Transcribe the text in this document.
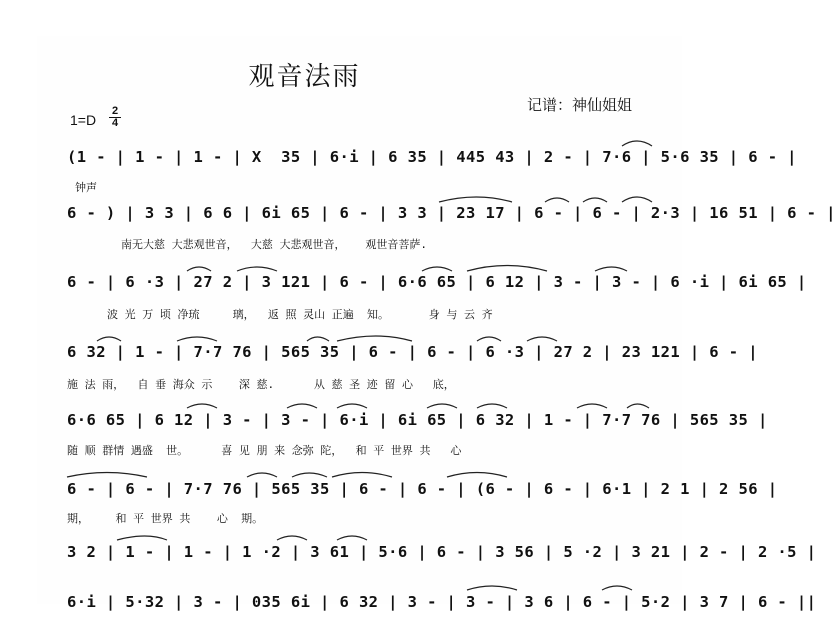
观音法雨
记谱：神仙姐姐
$1=D \frac{2}{4}$
(1 - | 1 - | 1 - | X  35 | 6·i | 6 35 | 445 43 | 2 - | 7·6 | 5·6 35 | 6 - |
钟声
6 - ) | 3 3 | 6 6 | 6i 65 | 6 - | 3 3 | 23 17 | 6 - | 6 - | 2·3 | 16 51 | 6 - |
南无大慈 大悲观世音，  大慈 大悲观世音，   观世音菩萨.
6 - | 6 ·3 | 27 2 | 3 121 | 6 - | 6·6 65 | 6 12 | 3 - | 3 - | 6 ·i | 6i 65 |
波 光 万 顷 净琉     璃，  返 照 灵山 正遍  知。      身 与 云 齐
6 32 | 1 - | 7·7 76 | 565 35 | 6 - | 6 - | 6 ·3 | 27 2 | 23 121 | 6 - |
施 法 雨，  自 垂 海众 示    深 慈.      从 慈 圣 迹 留 心   底，
6·6 65 | 6 12 | 3 - | 3 - | 6·i | 6i 65 | 6 32 | 1 - | 7·7 76 | 565 35 |
随 顺 群情 遇盛  世。     喜 见 朋 来 念弥 陀，  和 平 世界 共   心
6 - | 6 - | 7·7 76 | 565 35 | 6 - | 6 - | (6 - | 6 - | 6·1 | 2 1 | 2 56 |
期，    和 平 世界 共    心  期。
3 2 | 1 - | 1 - | 1 ·2 | 3 61 | 5·6 | 6 - | 3 56 | 5 ·2 | 3 21 | 2 - | 2 ·5 |
6·i | 5·32 | 3 - | 035 6i | 6 32 | 3 - | 3 - | 3 6 | 6 - | 5·2 | 3 7 | 6 - ||
